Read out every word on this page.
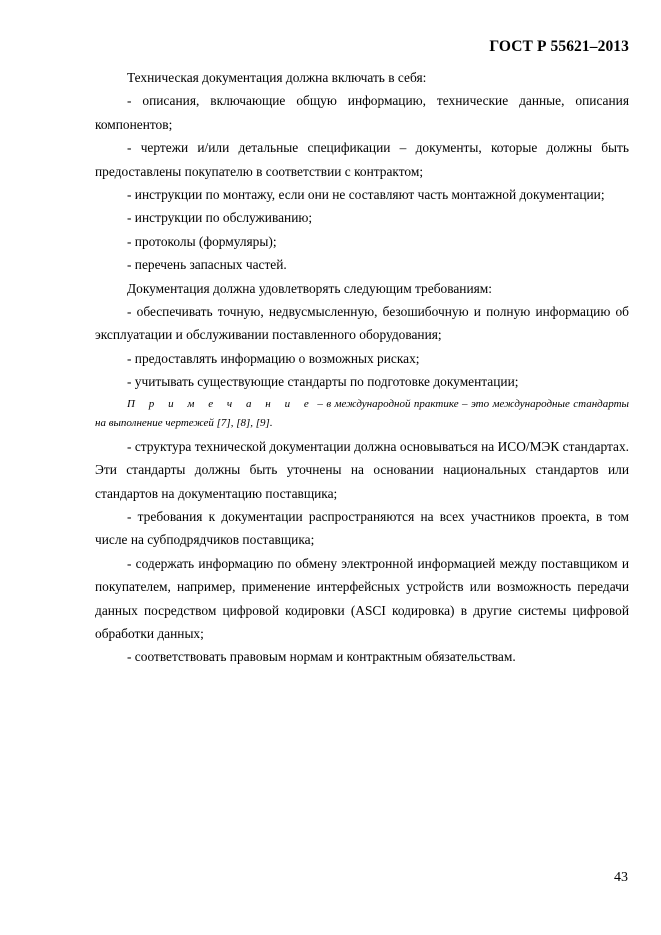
ГОСТ Р 55621–2013

Техническая документация должна включать в себя:

- описания, включающие общую информацию, технические данные, описания компонентов;

- чертежи и/или детальные спецификации – документы, которые должны быть предоставлены покупателю в соответствии с контрактом;

- инструкции по монтажу, если они не составляют часть монтажной документации;

- инструкции по обслуживанию;

- протоколы (формуляры);

- перечень запасных частей.

Документация должна удовлетворять следующим требованиям:

- обеспечивать точную, недвусмысленную, безошибочную и полную информацию об эксплуатации и обслуживании поставленного оборудования;

- предоставлять информацию о возможных рисках;

- учитывать существующие стандарты по подготовке документации;

П р и м е ч а н и е – в международной практике – это международные стандарты на выполнение чертежей [7], [8], [9].

- структура технической документации должна основываться на ИСО/МЭК стандартах. Эти стандарты должны быть уточнены на основании национальных стандартов или стандартов на документацию поставщика;

- требования к документации распространяются на всех участников проекта, в том числе на субподрядчиков поставщика;

- содержать информацию по обмену электронной информацией между поставщиком и покупателем, например, применение интерфейсных устройств или возможность передачи данных посредством цифровой кодировки (ASCI кодировка) в другие системы цифровой обработки данных;

- соответствовать правовым нормам и контрактным обязательствам.

43
